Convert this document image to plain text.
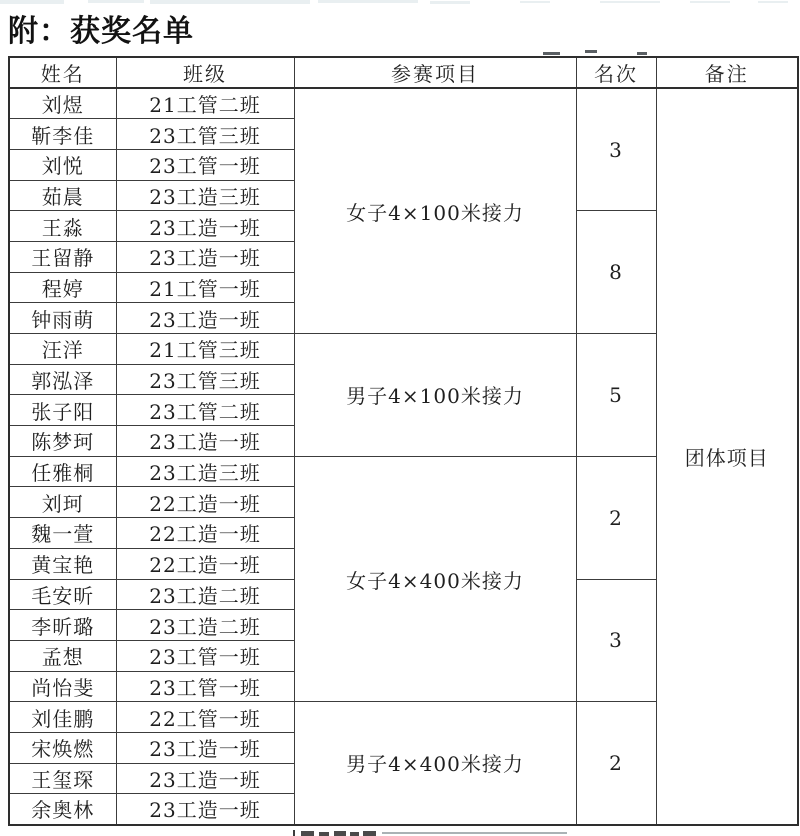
附：获奖名单
姓名	班级	参赛项目	名次	备注
刘煜	21工管二班	女子4×100米接力	3	团体项目
靳李佳	23工管三班			
刘悦	23工管一班			
茹晨	23工造三班			
王淼	23工造一班		8	
王留静	23工造一班			
程婷	21工管一班			
钟雨萌	23工造一班			
汪洋	21工管三班	男子4×100米接力	5	
郭泓泽	23工管三班			
张子阳	23工管二班			
陈梦珂	23工造一班			
任雅桐	23工造三班	女子4×400米接力	2	
刘珂	22工造一班			
魏一萱	22工造一班			
黄宝艳	22工造一班			
毛安昕	23工造二班		3	
李昕璐	23工造二班			
孟想	23工管一班			
尚怡斐	23工管一班			
刘佳鹏	22工管一班	男子4×400米接力	2	
宋焕燃	23工造一班			
王玺琛	23工造一班			
余奥林	23工造一班			
